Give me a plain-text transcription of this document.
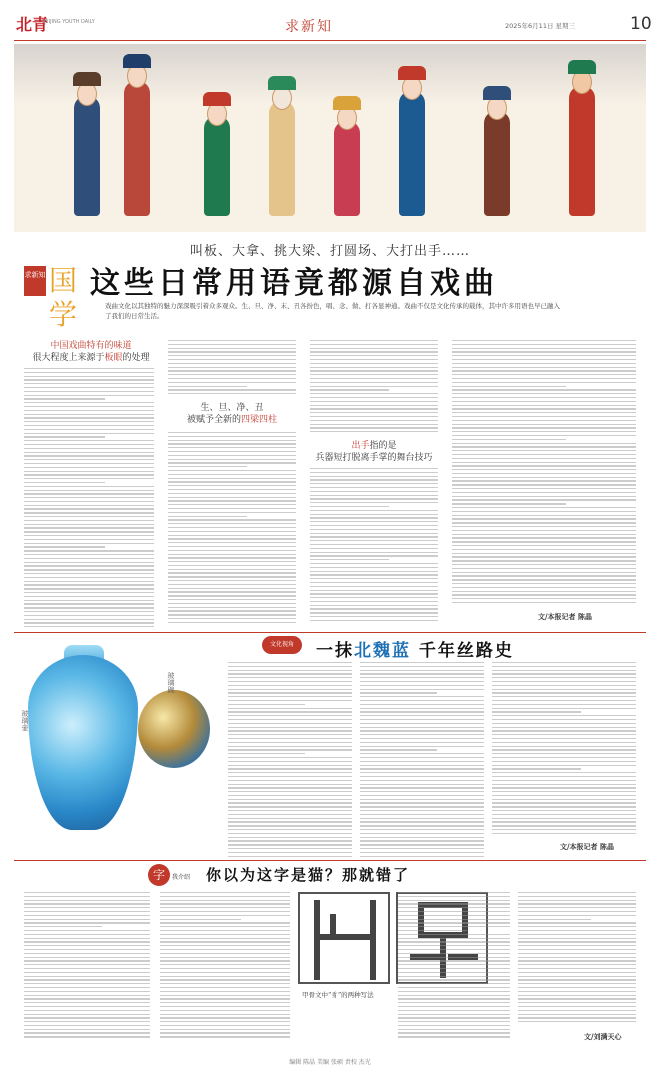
北青
BEIJING YOUTH DAILY	求新知	2025年6月11日 星期三	10
叫板、大拿、挑大梁、打圆场、大打出手……
求新知 国学
这些日常用语竟都源自戏曲
戏曲文化以其独特的魅力深深吸引着众多观众。生、旦、净、末、丑各扮色，唱、念、做、打各显神通。戏曲不仅是文化传承的载体，其中许多用语也早已融入了我们的日常生活。
中国戏曲特有的味道
很大程度上来源于板眼的处理
生、旦、净、丑
被赋予全新的四梁四柱
出手指的是
兵器短打脱离手掌的舞台技巧
文/本报记者 陈晶
文化视角	一抹北魏蓝 千年丝路史
玻璃壶
玻璃碗
文/本报记者 陈晶
字	我介绍 你以为这字是猫？那就错了
甲骨文中“豸”的两种写法
文/刘满天心
编辑 陈晶 美编 张硕 责校 杰光
